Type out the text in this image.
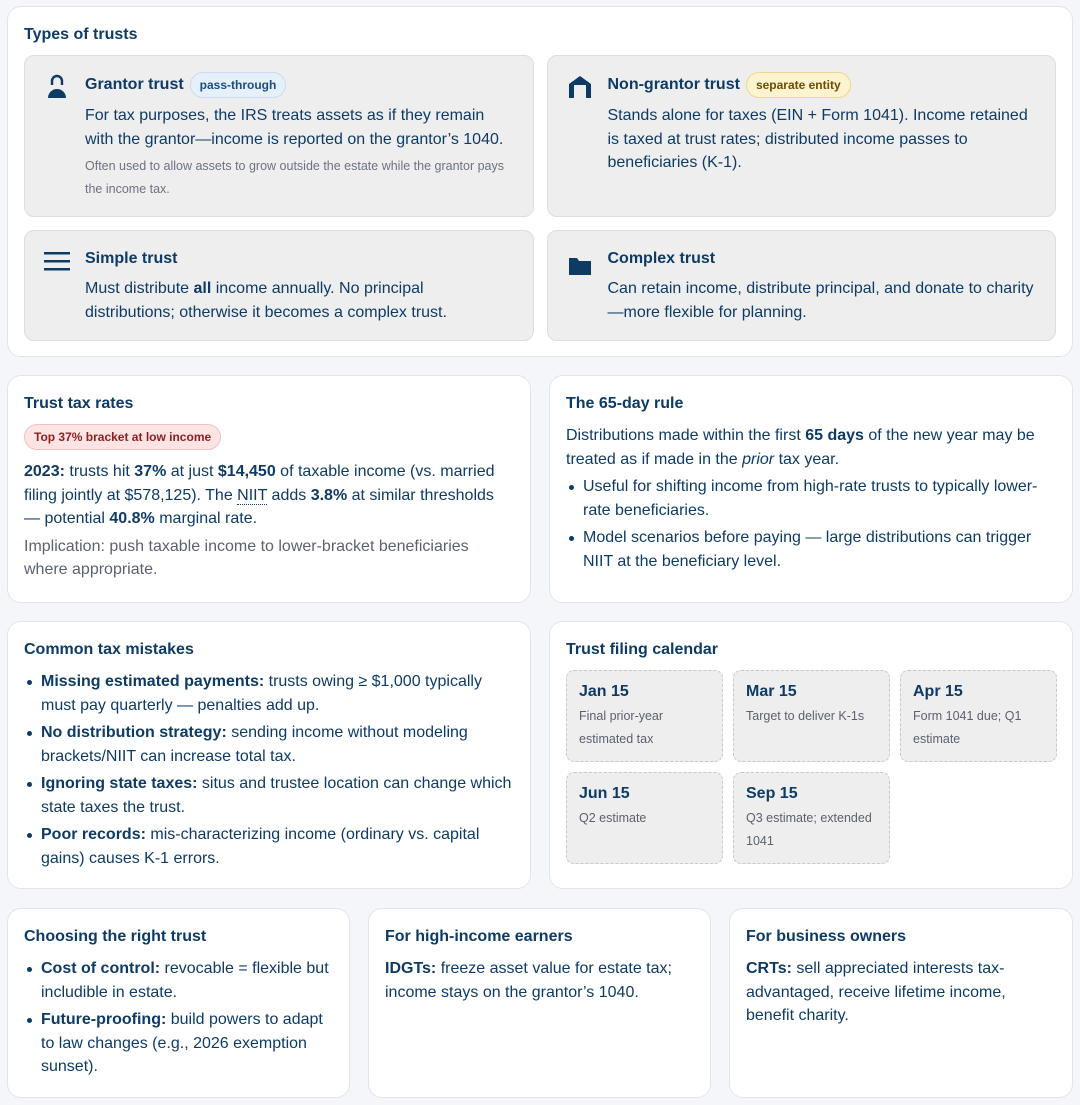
Types of trusts
Grantor trust	pass-through
For tax purposes, the IRS treats assets as if they remain with the grantor—income is reported on the grantor’s 1040.
Often used to allow assets to grow outside the estate while the grantor pays the income tax.
Non-grantor trust	separate entity
Stands alone for taxes (EIN + Form 1041). Income retained is taxed at trust rates; distributed income passes to beneficiaries (K-1).
Simple trust
Must distribute all income annually. No principal distributions; otherwise it becomes a complex trust.
Complex trust
Can retain income, distribute principal, and donate to charity—more flexible for planning.
Trust tax rates
Top 37% bracket at low income

2023: trusts hit 37% at just $14,450 of taxable income (vs. married filing jointly at $578,125). The NIIT adds 3.8% at similar thresholds — potential 40.8% marginal rate.

Implication: push taxable income to lower-bracket beneficiaries where appropriate.

The 65-day rule

Distributions made within the first 65 days of the new year may be treated as if made in the prior tax year.

Useful for shifting income from high-rate trusts to typically lower-rate beneficiaries.
Model scenarios before paying — large distributions can trigger NIIT at the beneficiary level.
Common tax mistakes
Missing estimated payments: trusts owing ≥ $1,000 typically must pay quarterly — penalties add up.
No distribution strategy: sending income without modeling brackets/NIIT can increase total tax.
Ignoring state taxes: situs and trustee location can change which state taxes the trust.
Poor records: mis-characterizing income (ordinary vs. capital gains) causes K-1 errors.
Trust filing calendar
Jan 15
Final prior-year estimated tax
Mar 15
Target to deliver K-1s
Apr 15
Form 1041 due; Q1 estimate
Jun 15
Q2 estimate
Sep 15
Q3 estimate; extended 1041
Choosing the right trust
Cost of control: revocable = flexible but includible in estate.
Future-proofing: build powers to adapt to law changes (e.g., 2026 exemption sunset).
For high-income earners

IDGTs: freeze asset value for estate tax; income stays on the grantor’s 1040.

For business owners

CRTs: sell appreciated interests tax-advantaged, receive lifetime income, benefit charity.
